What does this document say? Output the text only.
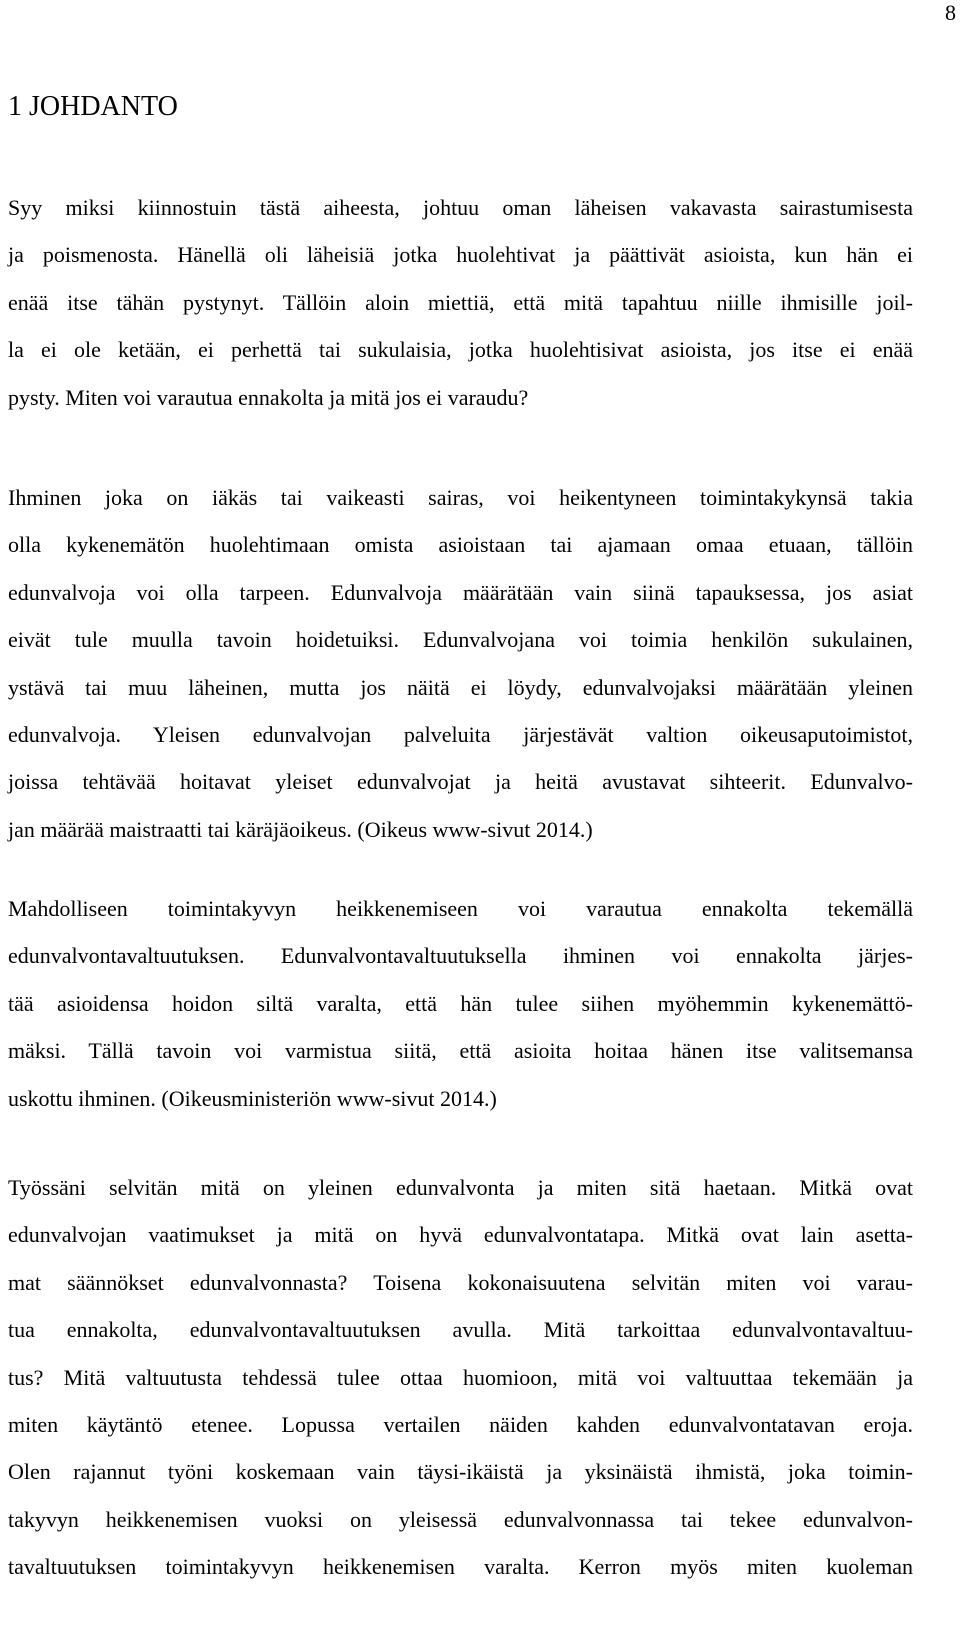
8
1 JOHDANTO

Syy miksi kiinnostuin tästä aiheesta, johtuu oman läheisen vakavasta sairastumisesta
ja poismenosta. Hänellä oli läheisiä jotka huolehtivat ja päättivät asioista, kun hän ei
enää itse tähän pystynyt. Tällöin aloin miettiä, että mitä tapahtuu niille ihmisille joil-
la ei ole ketään, ei perhettä tai sukulaisia, jotka huolehtisivat asioista, jos itse ei enää
pysty. Miten voi varautua ennakolta ja mitä jos ei varaudu?

Ihminen joka on iäkäs tai vaikeasti sairas, voi heikentyneen toimintakykynsä takia
olla kykenemätön huolehtimaan omista asioistaan tai ajamaan omaa etuaan, tällöin
edunvalvoja voi olla tarpeen. Edunvalvoja määrätään vain siinä tapauksessa, jos asiat
eivät tule muulla tavoin hoidetuiksi. Edunvalvojana voi toimia henkilön sukulainen,
ystävä tai muu läheinen, mutta jos näitä ei löydy, edunvalvojaksi määrätään yleinen
edunvalvoja. Yleisen edunvalvojan palveluita järjestävät valtion oikeusaputoimistot,
joissa tehtävää hoitavat yleiset edunvalvojat ja heitä avustavat sihteerit. Edunvalvo-
jan määrää maistraatti tai käräjäoikeus. (Oikeus www-sivut 2014.)

Mahdolliseen toimintakyvyn heikkenemiseen voi varautua ennakolta tekemällä
edunvalvontavaltuutuksen. Edunvalvontavaltuutuksella ihminen voi ennakolta järjes-
tää asioidensa hoidon siltä varalta, että hän tulee siihen myöhemmin kykenemättö-
mäksi. Tällä tavoin voi varmistua siitä, että asioita hoitaa hänen itse valitsemansa
uskottu ihminen. (Oikeusministeriön www-sivut 2014.)

Työssäni selvitän mitä on yleinen edunvalvonta ja miten sitä haetaan. Mitkä ovat
edunvalvojan vaatimukset ja mitä on hyvä edunvalvontatapa. Mitkä ovat lain asetta-
mat säännökset edunvalvonnasta? Toisena kokonaisuutena selvitän miten voi varau-
tua ennakolta, edunvalvontavaltuutuksen avulla. Mitä tarkoittaa edunvalvontavaltuu-
tus? Mitä valtuutusta tehdessä tulee ottaa huomioon, mitä voi valtuuttaa tekemään ja
miten käytäntö etenee. Lopussa vertailen näiden kahden edunvalvontatavan eroja.
Olen rajannut työni koskemaan vain täysi-ikäistä ja yksinäistä ihmistä, joka toimin-
takyvyn heikkenemisen vuoksi on yleisessä edunvalvonnassa tai tekee edunvalvon-
tavaltuutuksen toimintakyvyn heikkenemisen varalta. Kerron myös miten kuoleman
